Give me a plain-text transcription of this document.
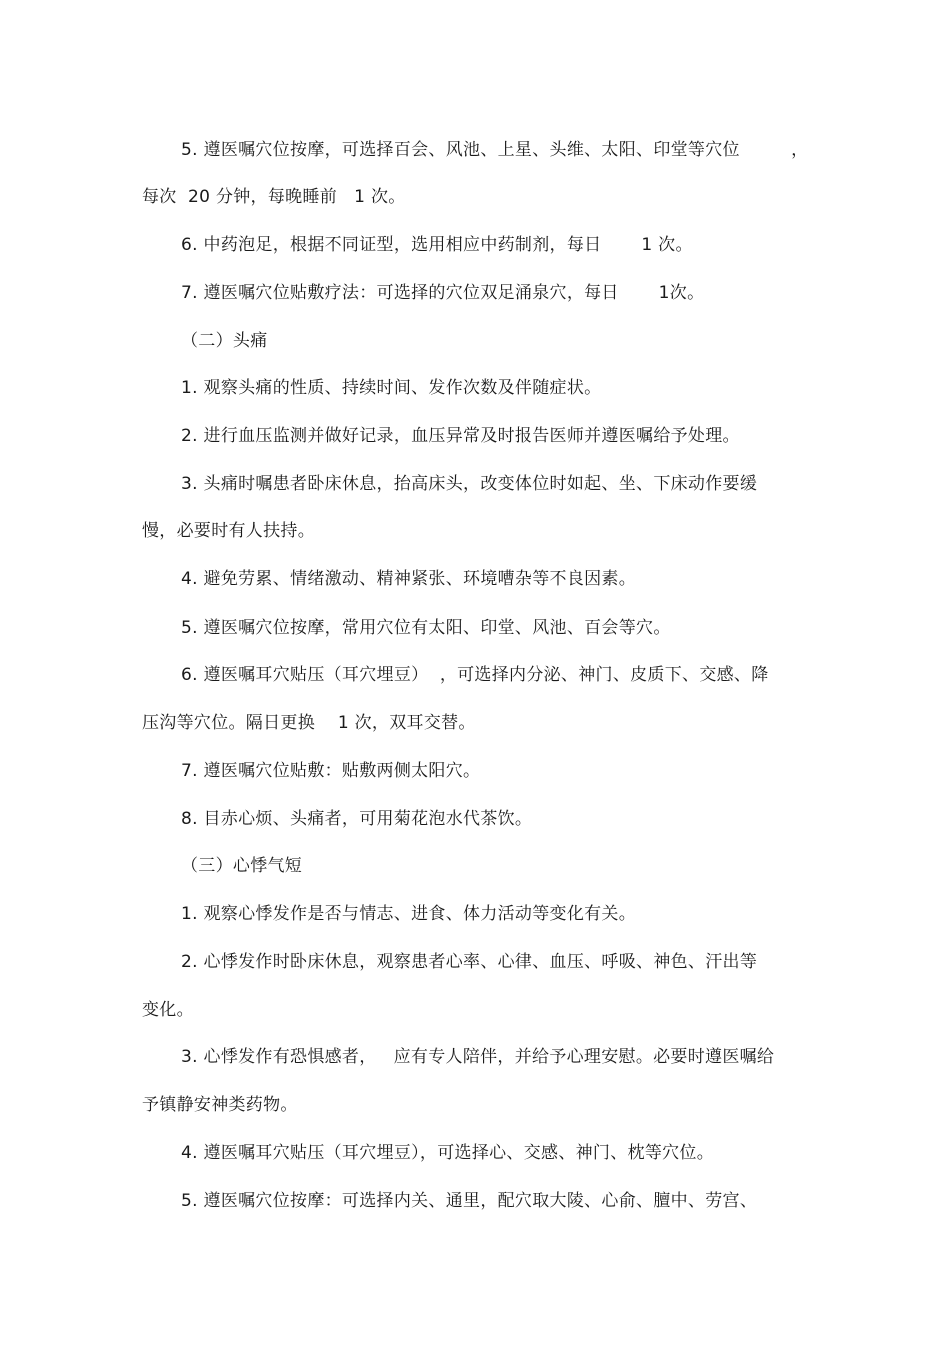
5. 遵医嘱穴位按摩，可选择百会、风池、上星、头维、太阳、印堂等穴位         ，
每次  20 分钟，每晚睡前   1 次。
6. 中药泡足，根据不同证型，选用相应中药制剂，每日       1 次。
7. 遵医嘱穴位贴敷疗法：可选择的穴位双足涌泉穴，每日       1次。
（二）头痛
1. 观察头痛的性质、持续时间、发作次数及伴随症状。
2. 进行血压监测并做好记录，血压异常及时报告医师并遵医嘱给予处理。
3. 头痛时嘱患者卧床休息，抬高床头，改变体位时如起、坐、下床动作要缓
慢，必要时有人扶持。
4. 避免劳累、情绪激动、精神紧张、环境嘈杂等不良因素。
5. 遵医嘱穴位按摩，常用穴位有太阳、印堂、风池、百会等穴。
6. 遵医嘱耳穴贴压（耳穴埋豆）  ，可选择内分泌、神门、皮质下、交感、降
压沟等穴位。隔日更换    1 次，双耳交替。
7. 遵医嘱穴位贴敷：贴敷两侧太阳穴。
8. 目赤心烦、头痛者，可用菊花泡水代茶饮。
（三）心悸气短
1. 观察心悸发作是否与情志、进食、体力活动等变化有关。
2. 心悸发作时卧床休息，观察患者心率、心律、血压、呼吸、神色、汗出等
变化。
3. 心悸发作有恐惧感者，   应有专人陪伴，并给予心理安慰。必要时遵医嘱给
予镇静安神类药物。
4. 遵医嘱耳穴贴压（耳穴埋豆），可选择心、交感、神门、枕等穴位。
5. 遵医嘱穴位按摩：可选择内关、通里，配穴取大陵、心俞、膻中、劳宫、
